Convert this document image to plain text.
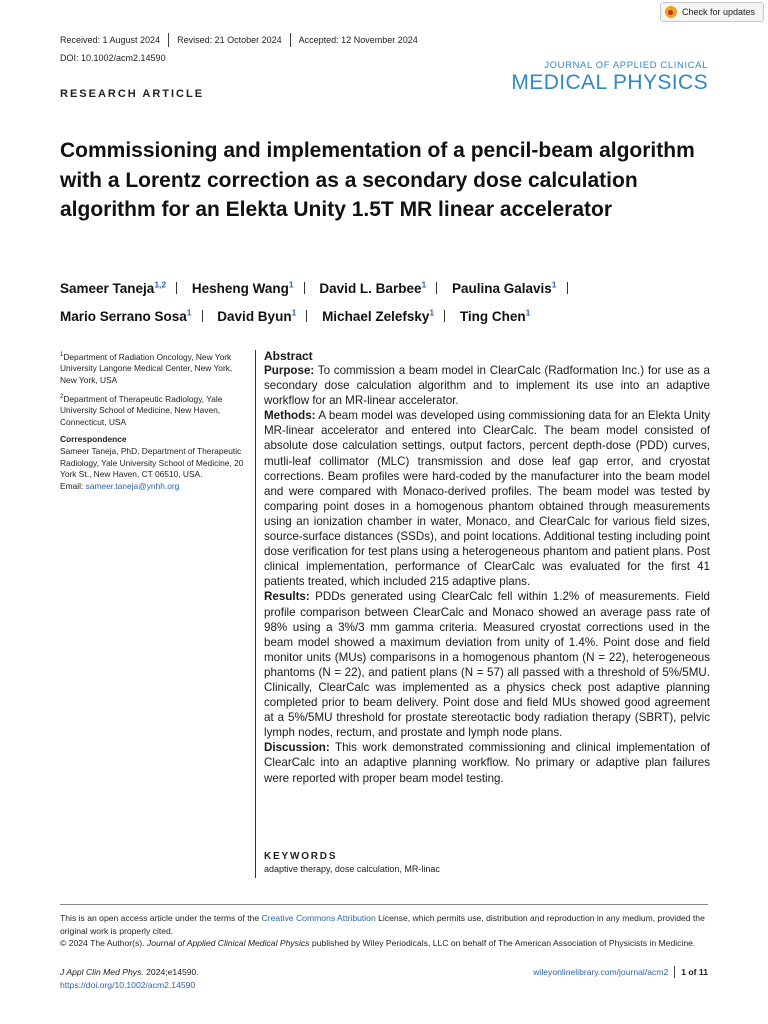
Received: 1 August 2024 Revised: 21 October 2024 Accepted: 12 November 2024
Check for updates
DOI: 10.1002/acm2.14590
JOURNAL OF APPLIED CLINICAL
MEDICAL PHYSICS
RESEARCH ARTICLE
Commissioning and implementation of a pencil-beam algorithm with a Lorentz correction as a secondary dose calculation algorithm for an Elekta Unity 1.5T MR linear accelerator
Sameer Taneja$^{1,2}$ Hesheng Wang$^1$ David L. Barbee$^1$ Paulina Galavis$^1$
Mario Serrano Sosa$^1$ David Byun$^1$ Michael Zelefsky$^1$ Ting Chen$^1$

$^1$Department of Radiation Oncology, New York University Langone Medical Center, New York, New York, USA

$^2$Department of Therapeutic Radiology, Yale University School of Medicine, New Haven, Connecticut, USA

Correspondence

Sameer Taneja, PhD, Department of Therapeutic Radiology, Yale University School of Medicine, 20 York St., New Haven, CT 06510, USA.
Email: sameer.taneja@ynhh.org

Abstract

Purpose: To commission a beam model in ClearCalc (Radformation Inc.) for use as a secondary dose calculation algorithm and to implement its use into an adaptive workflow for an MR-linear accelerator.

Methods: A beam model was developed using commissioning data for an Elekta Unity MR-linear accelerator and entered into ClearCalc. The beam model consisted of absolute dose calculation settings, output factors, percent depth-dose (PDD) curves, mutli-leaf collimator (MLC) transmission and dose leaf gap error, and cryostat corrections. Beam profiles were hard-coded by the manufacturer into the beam model and were compared with Monaco-derived profiles. The beam model was tested by comparing point doses in a homogenous phantom obtained through measurements using an ionization chamber in water, Monaco, and ClearCalc for various field sizes, source-surface distances (SSDs), and point locations. Additional testing including point dose verification for test plans using a heterogeneous phantom and patient plans. Post clinical implementation, performance of ClearCalc was evaluated for the first 41 patients treated, which included 215 adaptive plans.

Results: PDDs generated using ClearCalc fell within 1.2% of measurements. Field profile comparison between ClearCalc and Monaco showed an average pass rate of 98% using a 3%/3 mm gamma criteria. Measured cryostat corrections used in the beam model showed a maximum deviation from unity of 1.4%. Point dose and field monitor units (MUs) comparisons in a homogenous phantom (N = 22), heterogeneous phantoms (N = 22), and patient plans (N = 57) all passed with a threshold of 5%/5MU. Clinically, ClearCalc was implemented as a physics check post adaptive planning completed prior to beam delivery. Point dose and field MUs showed good agreement at a 5%/5MU threshold for prostate stereotactic body radiation therapy (SBRT), pelvic lymph nodes, rectum, and prostate and lymph node plans.

Discussion: This work demonstrated commissioning and clinical implementation of ClearCalc into an adaptive planning workflow. No primary or adaptive plan failures were reported with proper beam model testing.

KEYWORDS
adaptive therapy, dose calculation, MR-linac

This is an open access article under the terms of the Creative Commons Attribution License, which permits use, distribution and reproduction in any medium, provided the original work is properly cited.

© 2024 The Author(s). Journal of Applied Clinical Medical Physics published by Wiley Periodicals, LLC on behalf of The American Association of Physicists in Medicine.

J Appl Clin Med Phys. 2024;e14590.
https://doi.org/10.1002/acm2.14590
wileyonlinelibrary.com/journal/acm2 1 of 11
